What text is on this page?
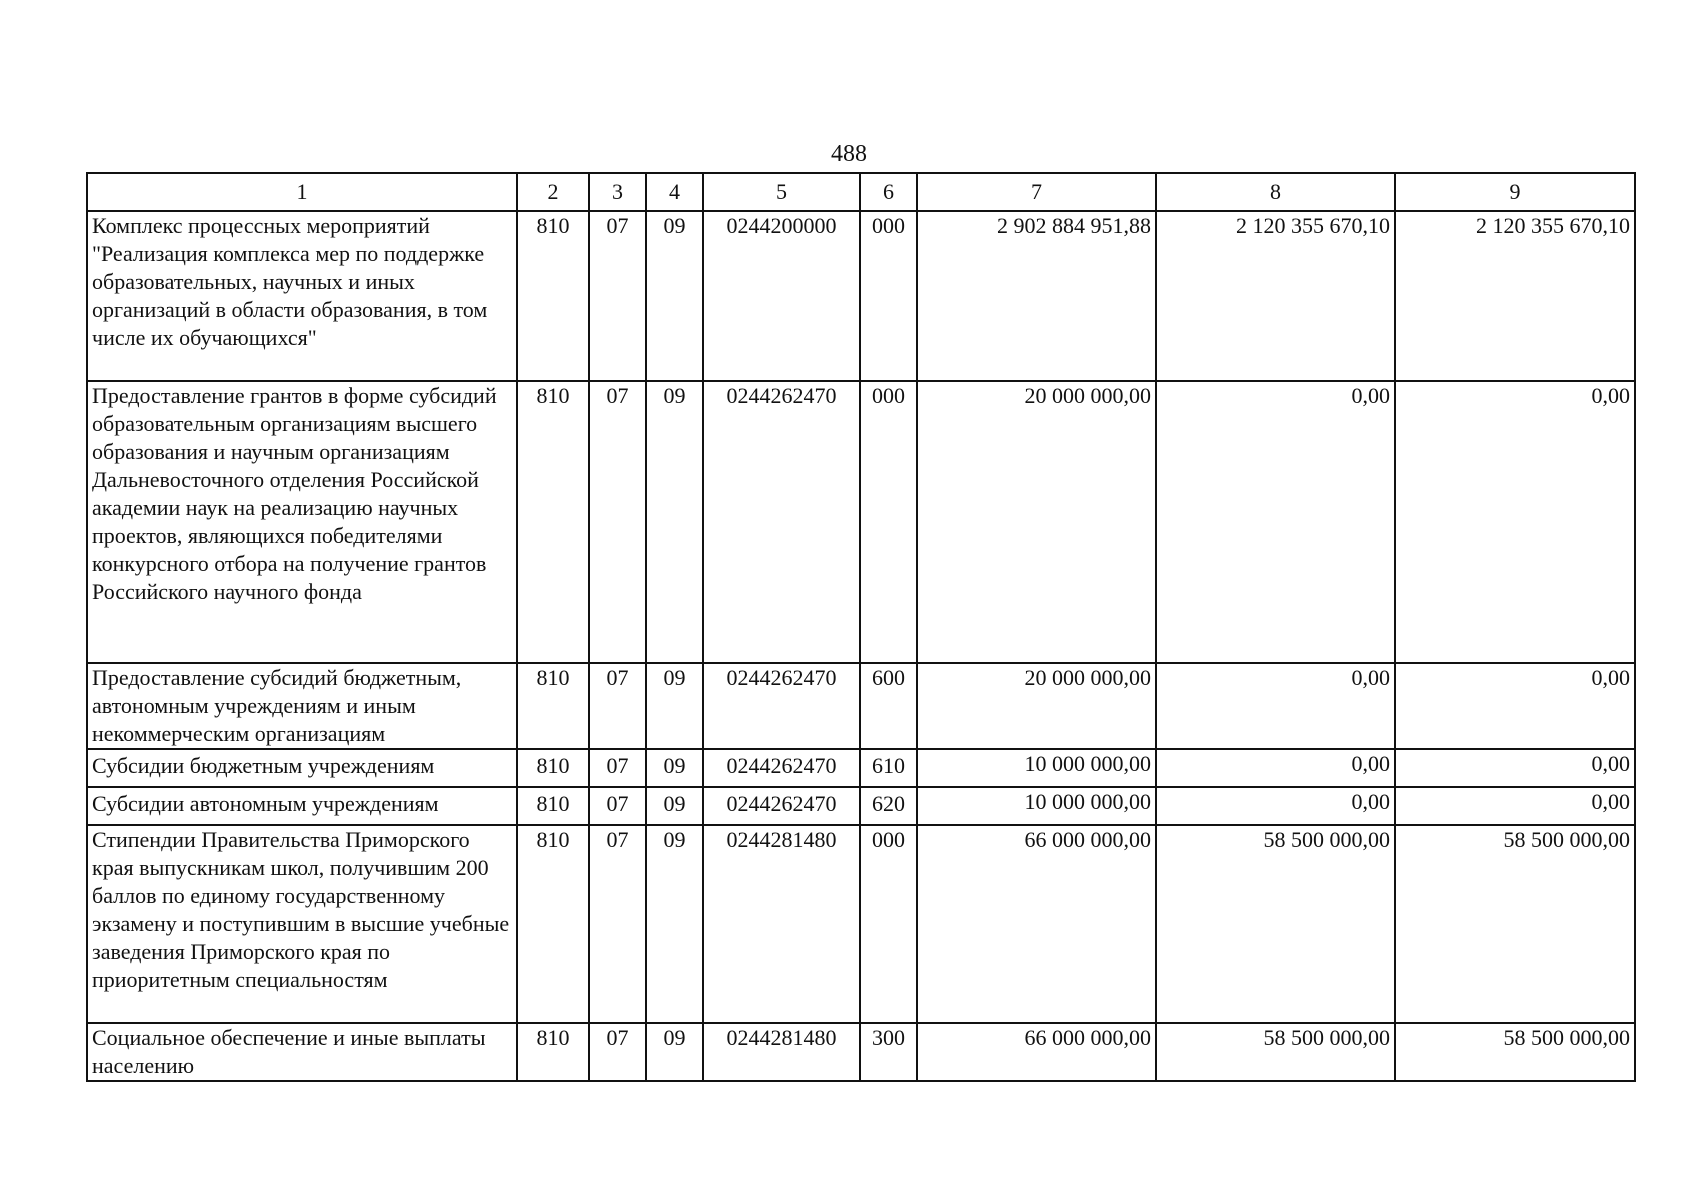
488
1	2	3	4	5	6	7	8	9
Комплекс процессных мероприятий "Реализация комплекса мер по поддержке образовательных, научных и иных организаций в области образования, в том числе их обучающихся"	810	07	09	0244200000	000	2 902 884 951,88	2 120 355 670,10	2 120 355 670,10
Предоставление грантов в форме субсидий образовательным организациям высшего образования и научным организациям Дальневосточного отделения Российской академии наук на реализацию научных проектов, являющихся победителями конкурсного отбора на получение грантов Российского научного фонда	810	07	09	0244262470	000	20 000 000,00	0,00	0,00
Предоставление субсидий бюджетным, автономным учреждениям и иным некоммерческим организациям	810	07	09	0244262470	600	20 000 000,00	0,00	0,00
Субсидии бюджетным учреждениям	810	07	09	0244262470	610	10 000 000,00	0,00	0,00
Субсидии автономным учреждениям	810	07	09	0244262470	620	10 000 000,00	0,00	0,00
Стипендии Правительства Приморского края выпускникам школ, получившим 200 баллов по единому государственному экзамену и поступившим в высшие учебные заведения Приморского края по приоритетным специальностям	810	07	09	0244281480	000	66 000 000,00	58 500 000,00	58 500 000,00
Социальное обеспечение и иные выплаты населению	810	07	09	0244281480	300	66 000 000,00	58 500 000,00	58 500 000,00
